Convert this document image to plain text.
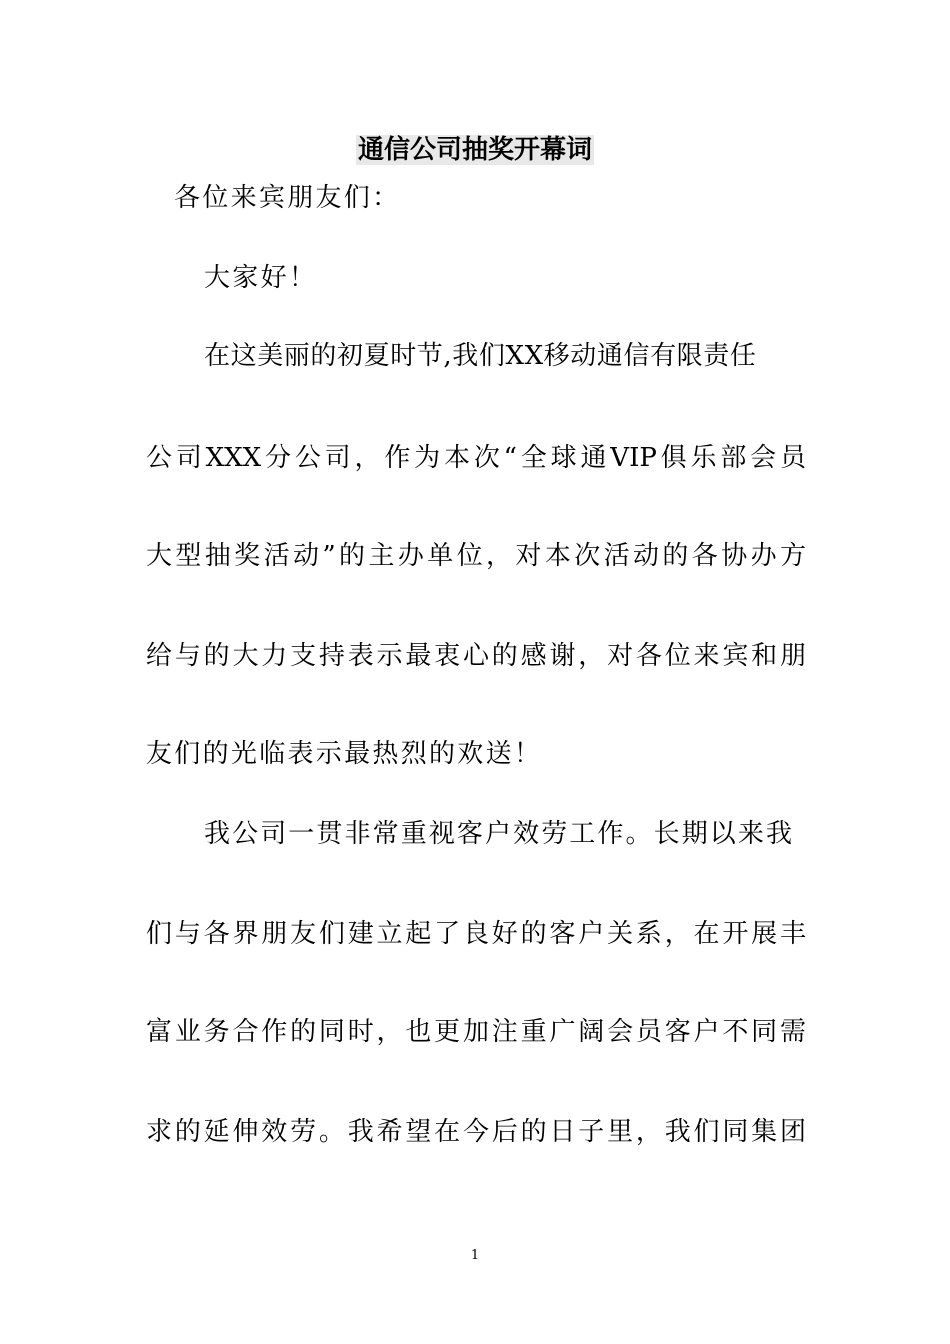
通信公司抽奖开幕词
各位来宾朋友们：
大家好！
在这美丽的初夏时节,我们XX移动通信有限责任
公司XXX分公司，作为本次“全球通VIP俱乐部会员
大型抽奖活动”的主办单位，对本次活动的各协办方
给与的大力支持表示最衷心的感谢，对各位来宾和朋
友们的光临表示最热烈的欢送！
我公司一贯非常重视客户效劳工作。长期以来我
们与各界朋友们建立起了良好的客户关系，在开展丰
富业务合作的同时，也更加注重广阔会员客户不同需
求的延伸效劳。我希望在今后的日子里，我们同集团
1
